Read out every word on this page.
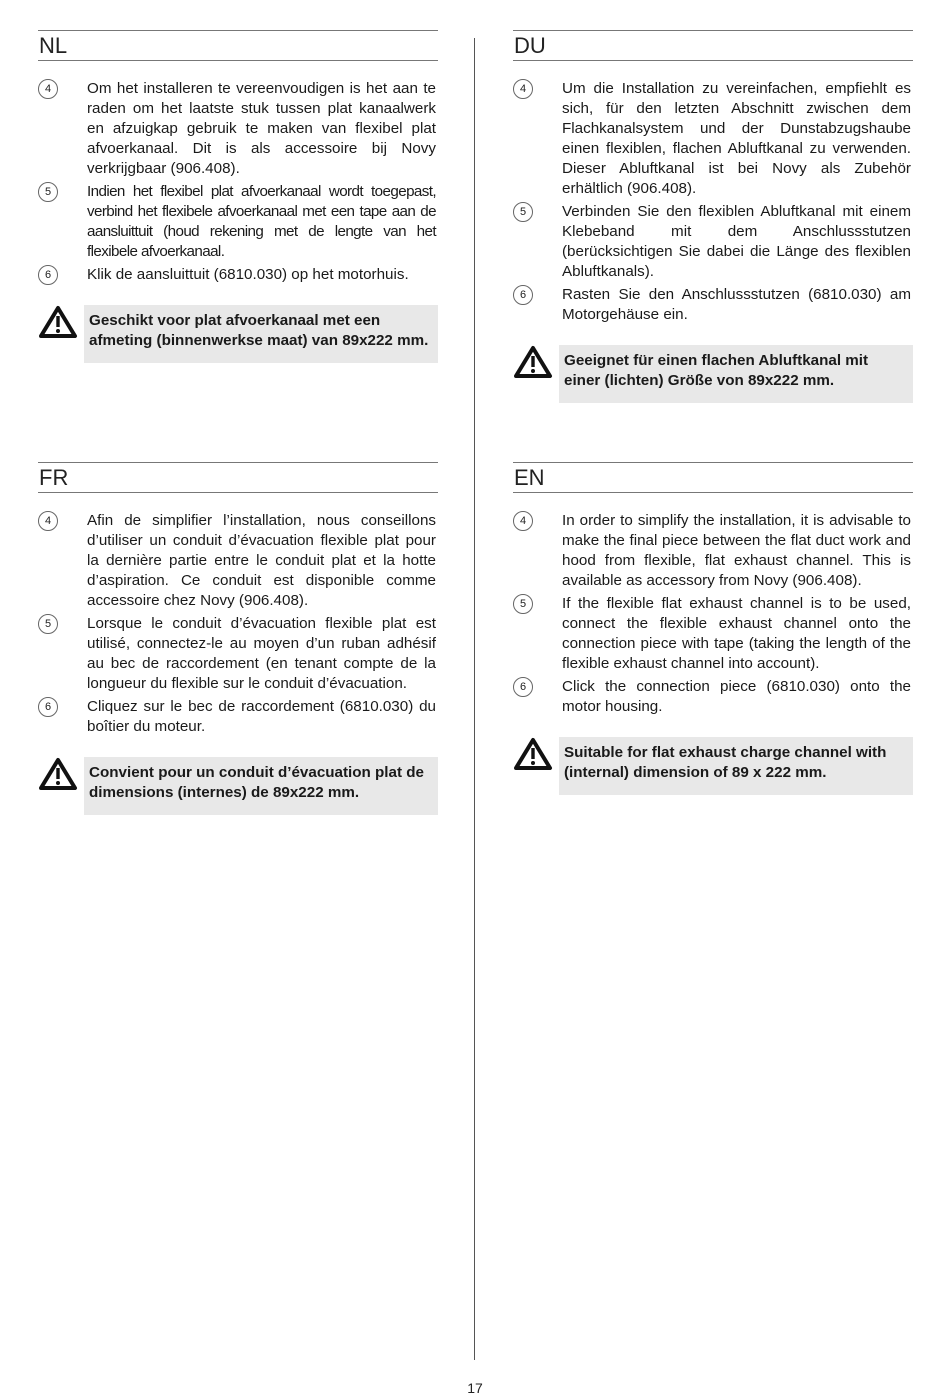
NL
4	Om het installeren te vereenvoudigen is het aan te raden om het laatste stuk tussen plat kanaalwerk en afzuigkap gebruik te maken van flexibel plat afvoerkanaal. Dit is als accessoire bij Novy verkrijgbaar (906.408).
5	Indien het flexibel plat afvoerkanaal wordt toegepast, verbind het flexibele afvoerkanaal met een tape aan de aansluittuit (houd rekening met de lengte van het flexibele afvoerkanaal.
6	Klik de aansluittuit (6810.030) op het motorhuis.
Geschikt voor plat afvoerkanaal met een afmeting (binnenwerkse maat) van 89x222 mm.
DU
4	Um die Installation zu vereinfachen, empfiehlt es sich, für den letzten Abschnitt zwischen dem Flachkanalsystem und der Dunstabzugshaube einen flexiblen, flachen Abluftkanal zu verwenden. Dieser Abluftkanal ist bei Novy als Zubehör erhältlich (906.408).
5	Verbinden Sie den flexiblen Abluftkanal mit einem Klebeband mit dem Anschlussstutzen (berücksichtigen Sie dabei die Länge des flexiblen Abluftkanals).
6	Rasten Sie den Anschlussstutzen (6810.030) am Motorgehäuse ein.
Geeignet für einen flachen Abluftkanal mit einer (lichten) Größe von 89x222 mm.
FR
4	Afin de simplifier l’installation, nous conseillons d’utiliser un conduit d’évacuation flexible plat pour la dernière partie entre le conduit plat et la hotte d’aspiration. Ce conduit est disponible comme accessoire chez Novy (906.408).
5	Lorsque le conduit d’évacuation flexible plat est utilisé, connectez-le au moyen d’un ruban adhésif au bec de raccordement (en tenant compte de la longueur du flexible sur le conduit d’évacuation.
6	Cliquez sur le bec de raccordement (6810.030) du boîtier du moteur.
Convient pour un conduit d’évacuation plat de dimensions (internes) de 89x222 mm.
EN
4	In order to simplify the installation, it is advisable to make the final piece between the flat duct work and hood from flexible, flat exhaust channel. This is available as accessory from Novy (906.408).
5	If the flexible flat exhaust channel is to be used, connect the flexible exhaust channel onto the connection piece with tape (taking the length of the flexible exhaust channel into account).
6	Click the connection piece (6810.030) onto the motor housing.
Suitable for flat exhaust charge channel with (internal) dimension of 89 x 222 mm.
17
